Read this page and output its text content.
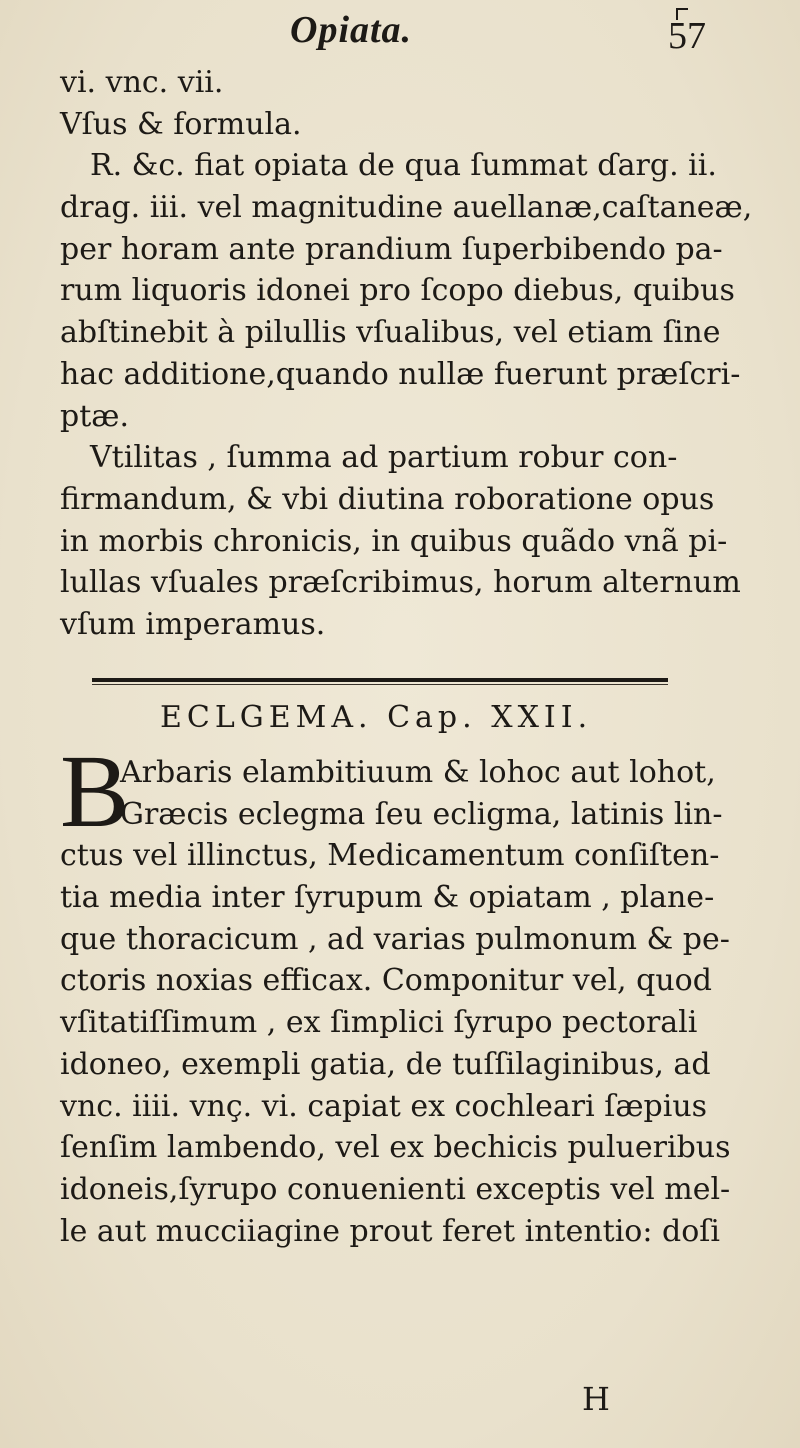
Opiata.	57
vi. vnc. vii.
Vſus & formula.
R. &c. fiat opiata de qua ſummat ɗarg. ii.
drag. iii. vel magnitudine auellanæ,caſtaneæ,
per horam ante prandium ſuperbibendo pa-
rum liquoris idonei pro ſcopo diebus, quibus
abſtinebit à pilullis vſualibus, vel etiam ſine
hac additione,quando nullæ fuerunt præſcri-
ptæ.
Vtilitas , ſumma ad partium robur con-
firmandum, & vbi diutina roboratione opus
in morbis chronicis, in quibus quãdo vnã pi-
lullas vſuales præſcribimus, horum alternum
vſum imperamus.
ECLGEMA. Cap. XXII.
B
Arbaris elambitiuum & lohoc aut lohot,
Græcis eclegma ſeu ecligma, latinis lin-
ctus vel illinctus, Medicamentum conſiſten-
tia media inter ſyrupum & opiatam , plane-
que thoracicum , ad varias pulmonum & pe-
ctoris noxias efficax. Componitur vel, quod
vſitatiſſimum , ex ſimplici ſyrupo pectorali
idoneo, exempli gatia, de tuſſilaginibus, ad
vnc. iiii. vnç. vi. capiat ex cochleari ſæpius
ſenſim lambendo, vel ex bechicis pulueribus
idoneis,ſyrupo conuenienti exceptis vel mel-
le aut mucciiagine prout feret intentio: doſi
H
